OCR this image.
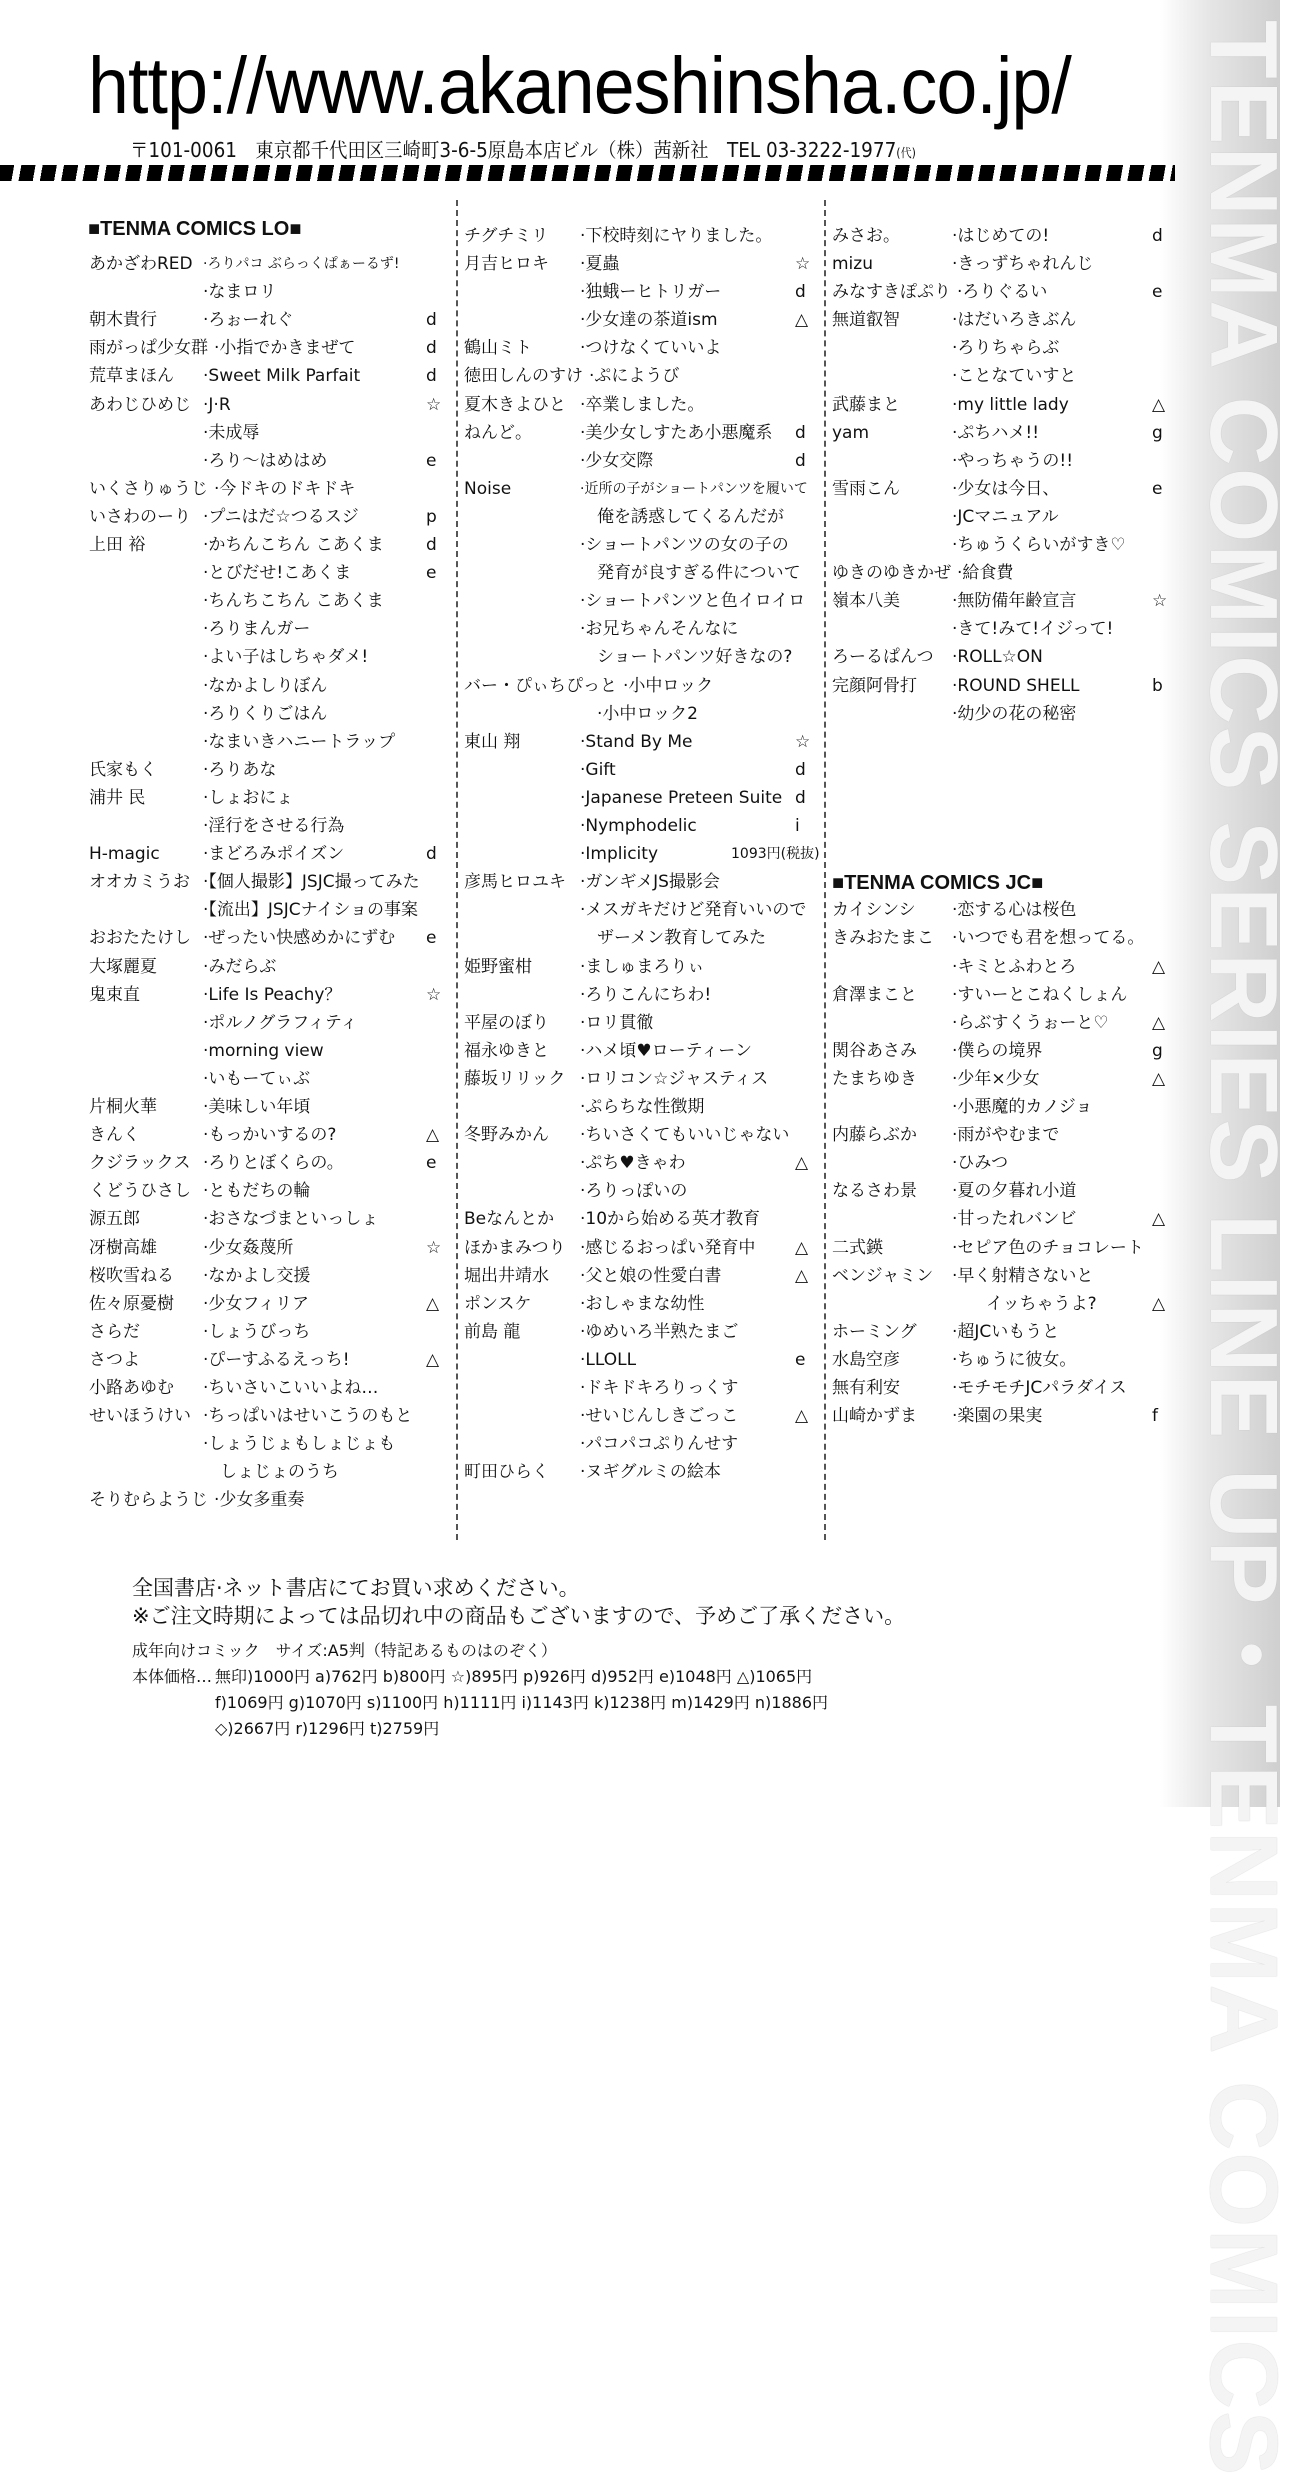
TENMA COMICS SERIES LINE UP・TENMA COMICS
http://www.akaneshinsha.co.jp/
〒101-0061　東京都千代田区三崎町3-6-5原島本店ビル（株）茜新社　TEL 03-3222-1977(代)
■TENMA COMICS LO■
■TENMA COMICS JC■
あかざわRED ·ろりパコ ぶらっくぱぁーるず!
·なまロリ
朝木貴行	·ろぉーれぐ	d
雨がっぱ少女群 ·小指でかきまぜて	d
荒草まほん ·Sweet Milk Parfait	d
あわじひめじ ·J·R	☆
·未成辱
·ろり～はめはめ	e
いくさりゅうじ ·今ドキのドキドキ
いさわのーり ·プニはだ☆つるスジ	p
上田 裕	·かちんこちん こあくま d
·とびだせ!こあくま	e
·ちんちこちん こあくま
·ろりまんガー
·よい子はしちゃダメ!
·なかよしりぼん
·ろりくりごはん
·なまいきハニートラップ
氏家もく	·ろりあな
浦井 民	·しょおにょ
·淫行をさせる行為
H-magic	·まどろみポイズン	d
オオカミうお ·【個人撮影】JSJC撮ってみた
·【流出】JSJCナイショの事案
おおたたけし ·ぜったい快感めかにずむ e
大塚麗夏	·みだらぶ
鬼束直	·Life Is Peachy？	☆
·ポルノグラフィティ
·morning view
·いもーてぃぶ
片桐火華	·美味しい年頃
きんく	·もっかいするの?	△
クジラックス ·ろりとぼくらの。	e
くどうひさし ·ともだちの輪
源五郎	·おさなづまといっしょ
冴樹高雄	·少女姦蔑所	☆
桜吹雪ねる ·なかよし交援
佐々原憂樹 ·少女フィリア	△
さらだ	·しょうびっち
さつよ	·ぴーすふるえっち!	△
小路あゆむ ·ちいさいこいいよね…
せいほうけい ·ちっぱいはせいこうのもと
·しょうじょもしょじょも
　しょじょのうち
そりむらようじ ·少女多重奏
チグチミリ ·下校時刻にヤりました。
月吉ヒロキ ·夏蟲	☆
·独蛾ーヒトリガー	d
·少女達の茶道ism	△
鶴山ミト	·つけなくていいよ
徳田しんのすけ ·ぷにようび
夏木きよひと ·卒業しました。
ねんど。	·美少女しすたあ小悪魔系 d
·少女交際	d
Noise	·近所の子がショートパンツを履いて
　俺を誘惑してくるんだが
·ショートパンツの女の子の
　発育が良すぎる件について
·ショートパンツと色イロイロ
·お兄ちゃんそんなに
　ショートパンツ好きなの?
バー・ぴぃちぴっと ·小中ロック
　·小中ロック2
東山 翔	·Stand By Me	☆
·Gift	d
·Japanese Preteen Suite d
·Nymphodelic	i
·Implicity	1093円(税抜)
彦馬ヒロユキ ·ガンギメJS撮影会
·メスガキだけど発育いいので
　ザーメン教育してみた
姫野蜜柑	·ましゅまろりぃ
·ろりこんにちわ!
平屋のぼり ·ロリ貫徹
福永ゆきと ·ハメ頃♥ローティーン
藤坂リリック ·ロリコン☆ジャスティス
·ぷらちな性徴期
冬野みかん ·ちいさくてもいいじゃない
·ぷち♥きゃわ	△
·ろりっぽいの
Beなんとか ·10から始める英才教育
ほかまみつり ·感じるおっぱい発育中 △
堀出井靖水 ·父と娘の性愛白書	△
ポンスケ	·おしゃまな幼性
前島 龍	·ゆめいろ半熟たまご
·LLOLL	e
·ドキドキろりっくす
·せいじんしきごっこ	△
·パコパコぷりんせす
町田ひらく ·ヌギグルミの絵本
みさお。	·はじめての!	d
mizu	·きっずちゃれんじ
みなすきぽぷり ·ろりぐるい	e
無道叡智	·はだいろきぶん
·ろりちゃらぶ
·ことなていすと
武藤まと	·my little lady	△
yam	·ぷちハメ!!	g
·やっちゃうの!!
雪雨こん	·少女は今日、	e
·JCマニュアル
·ちゅうくらいがすき♡
ゆきのゆきかぜ ·給食費
嶺本八美	·無防備年齢宣言	☆
·きて!みて!イジって!
ろーるぱんつ ·ROLL☆ON
完顔阿骨打 ·ROUND SHELL	b
·幼少の花の秘密
カイシンシ ·恋する心は桜色
きみおたまこ ·いつでも君を想ってる。
·キミとふわとろ	△
倉澤まこと ·すいーとこねくしょん
·らぶすくうぉーと♡	△
関谷あさみ ·僕らの境界	g
たまちゆき ·少年×少女	△
·小悪魔的カノジョ
内藤らぶか ·雨がやむまで
·ひみつ
なるさわ景 ·夏の夕暮れ小道
·甘ったれバンビ	△
二式鍈	·セピア色のチョコレート
ベンジャミン ·早く射精さないと
　　イッちゃうよ?	△
ホーミング ·超JCいもうと
水島空彦	·ちゅうに彼女。
無有利安	·モチモチJCパラダイス
山崎かずま ·楽園の果実	f
全国書店·ネット書店にてお買い求めください。
※ご注文時期によっては品切れ中の商品もございますので、予めご了承ください。
成年向けコミック　サイズ:A5判（特記あるものはのぞく）
本体価格… 無印)1000円 a)762円 b)800円 ☆)895円 p)926円 d)952円 e)1048円 △)1065円
f)1069円 g)1070円 s)1100円 h)1111円 i)1143円 k)1238円 m)1429円 n)1886円
◇)2667円 r)1296円 t)2759円
